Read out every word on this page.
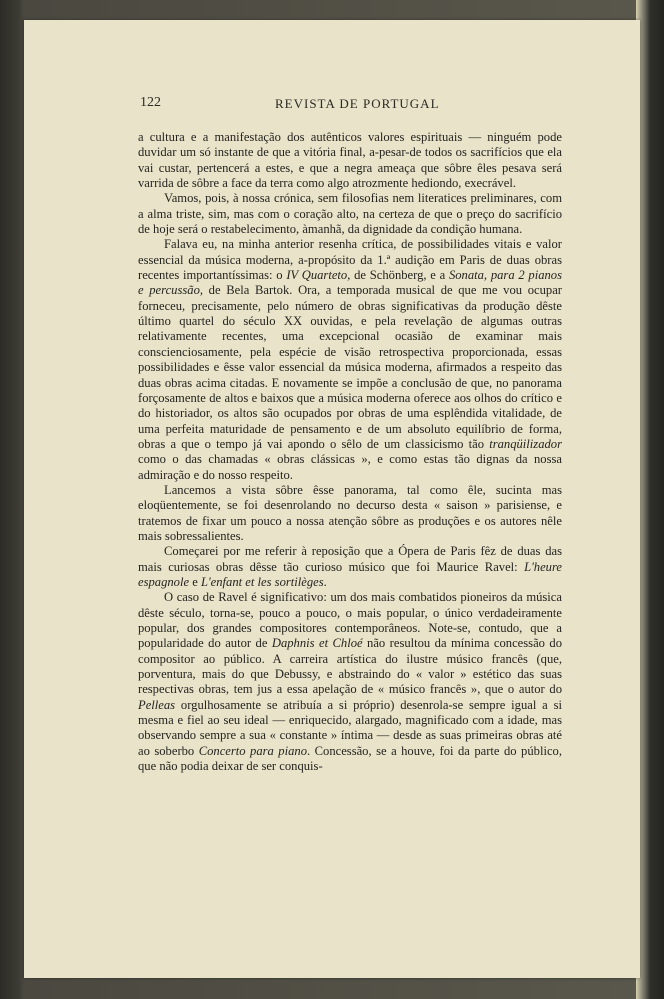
122	REVISTA DE PORTUGAL

a cultura e a manifestação dos autênticos valores espirituais — ninguém pode duvidar um só instante de que a vitória final, a-pesar-de todos os sacrifícios que ela vai custar, pertencerá a estes, e que a negra ameaça que sôbre êles pesava será varrida de sôbre a face da terra como algo atrozmente hediondo, execrável.

Vamos, pois, à nossa crónica, sem filosofias nem literatices preliminares, com a alma triste, sim, mas com o coração alto, na certeza de que o preço do sacrifício de hoje será o restabelecimento, àmanhã, da dignidade da condição humana.

Falava eu, na minha anterior resenha crítica, de possibilidades vitais e valor essencial da música moderna, a-propósito da 1.ª audição em Paris de duas obras recentes importantíssimas: o IV Quarteto, de Schönberg, e a Sonata, para 2 pianos e percussão, de Bela Bartok. Ora, a temporada musical de que me vou ocupar forneceu, precisamente, pelo número de obras significativas da produção dêste último quartel do século XX ouvidas, e pela revelação de algumas outras relativamente recentes, uma excepcional ocasião de examinar mais conscienciosamente, pela espécie de visão retrospectiva proporcionada, essas possibilidades e êsse valor essencial da música moderna, afirmados a respeito das duas obras acima citadas. E novamente se impõe a conclusão de que, no panorama forçosamente de altos e baixos que a música moderna oferece aos olhos do crítico e do historiador, os altos são ocupados por obras de uma esplêndida vitalidade, de uma perfeita maturidade de pensamento e de um absoluto equilíbrio de forma, obras a que o tempo já vai apondo o sêlo de um classicismo tão tranqüilizador como o das chamadas « obras clássicas », e como estas tão dignas da nossa admiração e do nosso respeito.

Lancemos a vista sôbre êsse panorama, tal como êle, sucinta mas eloqüentemente, se foi desenrolando no decurso desta « saison » parisiense, e tratemos de fixar um pouco a nossa atenção sôbre as produções e os autores nêle mais sobressalientes.

Começarei por me referir à reposição que a Ópera de Paris fêz de duas das mais curiosas obras dêsse tão curioso músico que foi Maurice Ravel: L'heure espagnole e L'enfant et les sortilèges.

O caso de Ravel é significativo: um dos mais combatidos pioneiros da música dêste século, torna-se, pouco a pouco, o mais popular, o único verdadeiramente popular, dos grandes compositores contemporâneos. Note-se, contudo, que a popularidade do autor de Daphnis et Chloé não resultou da mínima concessão do compositor ao público. A carreira artística do ilustre músico francês (que, porventura, mais do que Debussy, e abstraindo do « valor » estético das suas respectivas obras, tem jus a essa apelação de « músico francês », que o autor do Pelleas orgulhosamente se atribuía a si próprio) desenrola-se sempre igual a si mesma e fiel ao seu ideal — enriquecido, alargado, magnificado com a idade, mas observando sempre a sua « constante » íntima — desde as suas primeiras obras até ao soberbo Concerto para piano. Concessão, se a houve, foi da parte do público, que não podia deixar de ser conquis-
